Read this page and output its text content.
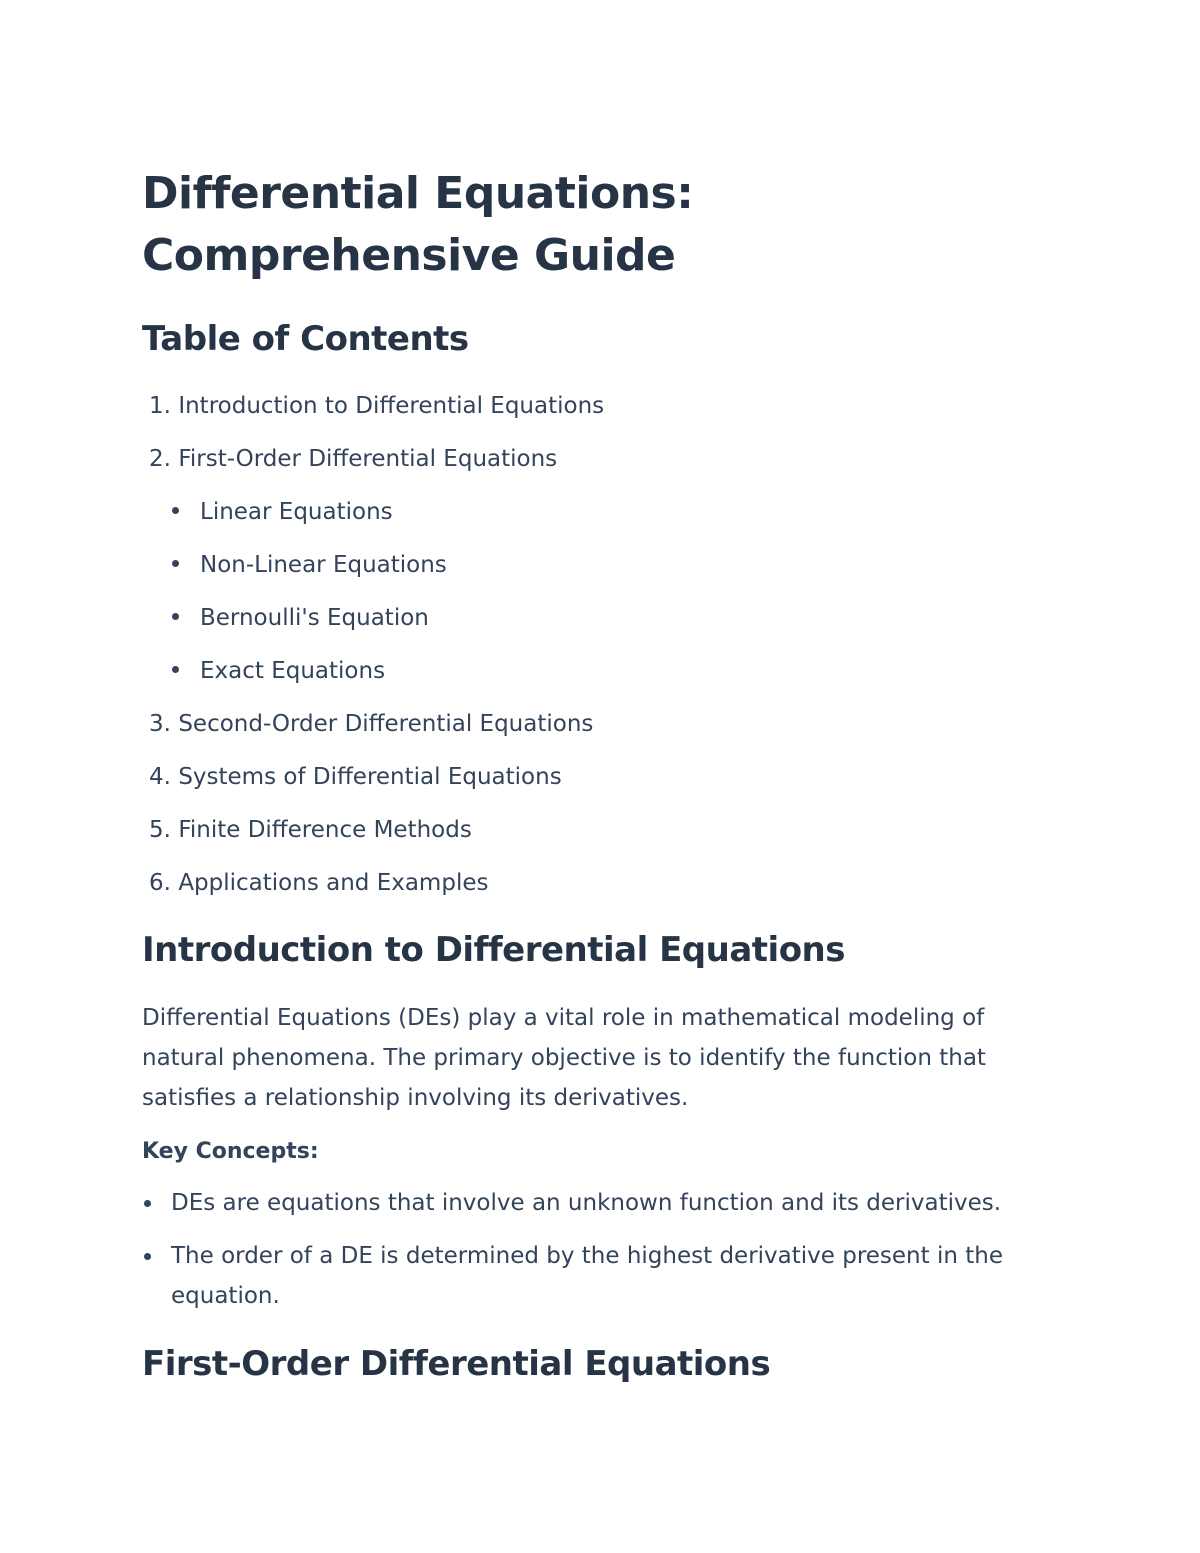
Differential Equations: Comprehensive Guide
Table of Contents
1. Introduction to Differential Equations
2. First-Order Differential Equations
Linear Equations
Non-Linear Equations
Bernoulli's Equation
Exact Equations
3. Second-Order Differential Equations
4. Systems of Differential Equations
5. Finite Difference Methods
6. Applications and Examples
Introduction to Differential Equations

Differential Equations (DEs) play a vital role in mathematical modeling of natural phenomena. The primary objective is to identify the function that satisfies a relationship involving its derivatives.

Key Concepts:

DEs are equations that involve an unknown function and its derivatives.
The order of a DE is determined by the highest derivative present in the equation.
First-Order Differential Equations
